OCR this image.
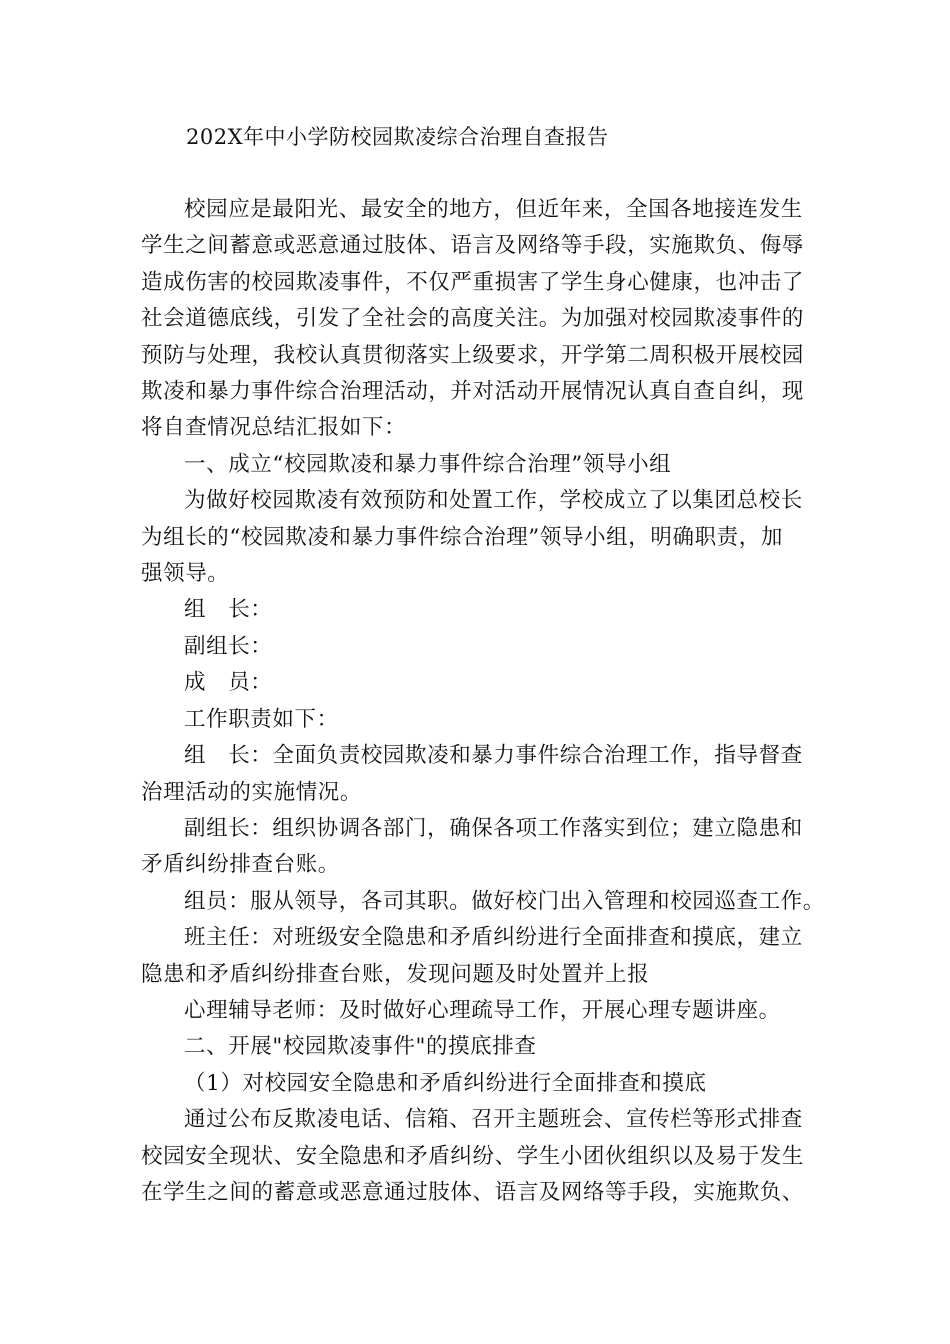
202X年中小学防校园欺凌综合治理自查报告
校园应是最阳光、最安全的地方，但近年来，全国各地接连发生
学生之间蓄意或恶意通过肢体、语言及网络等手段，实施欺负、侮辱
造成伤害的校园欺凌事件，不仅严重损害了学生身心健康，也冲击了
社会道德底线，引发了全社会的高度关注。为加强对校园欺凌事件的
预防与处理，我校认真贯彻落实上级要求，开学第二周积极开展校园
欺凌和暴力事件综合治理活动，并对活动开展情况认真自查自纠，现
将自查情况总结汇报如下：
一、成立“校园欺凌和暴力事件综合治理”领导小组
为做好校园欺凌有效预防和处置工作，学校成立了以集团总校长
为组长的“校园欺凌和暴力事件综合治理”领导小组，明确职责，加
强领导。
组　长：
副组长：
成　员：
工作职责如下：
组　长：全面负责校园欺凌和暴力事件综合治理工作，指导督查
治理活动的实施情况。
副组长：组织协调各部门，确保各项工作落实到位；建立隐患和
矛盾纠纷排查台账。
组员：服从领导，各司其职。做好校门出入管理和校园巡查工作。
班主任：对班级安全隐患和矛盾纠纷进行全面排查和摸底，建立
隐患和矛盾纠纷排查台账，发现问题及时处置并上报
心理辅导老师：及时做好心理疏导工作，开展心理专题讲座。
二、开展"校园欺凌事件"的摸底排查
（1）对校园安全隐患和矛盾纠纷进行全面排查和摸底
通过公布反欺凌电话、信箱、召开主题班会、宣传栏等形式排查
校园安全现状、安全隐患和矛盾纠纷、学生小团伙组织以及易于发生
在学生之间的蓄意或恶意通过肢体、语言及网络等手段，实施欺负、
